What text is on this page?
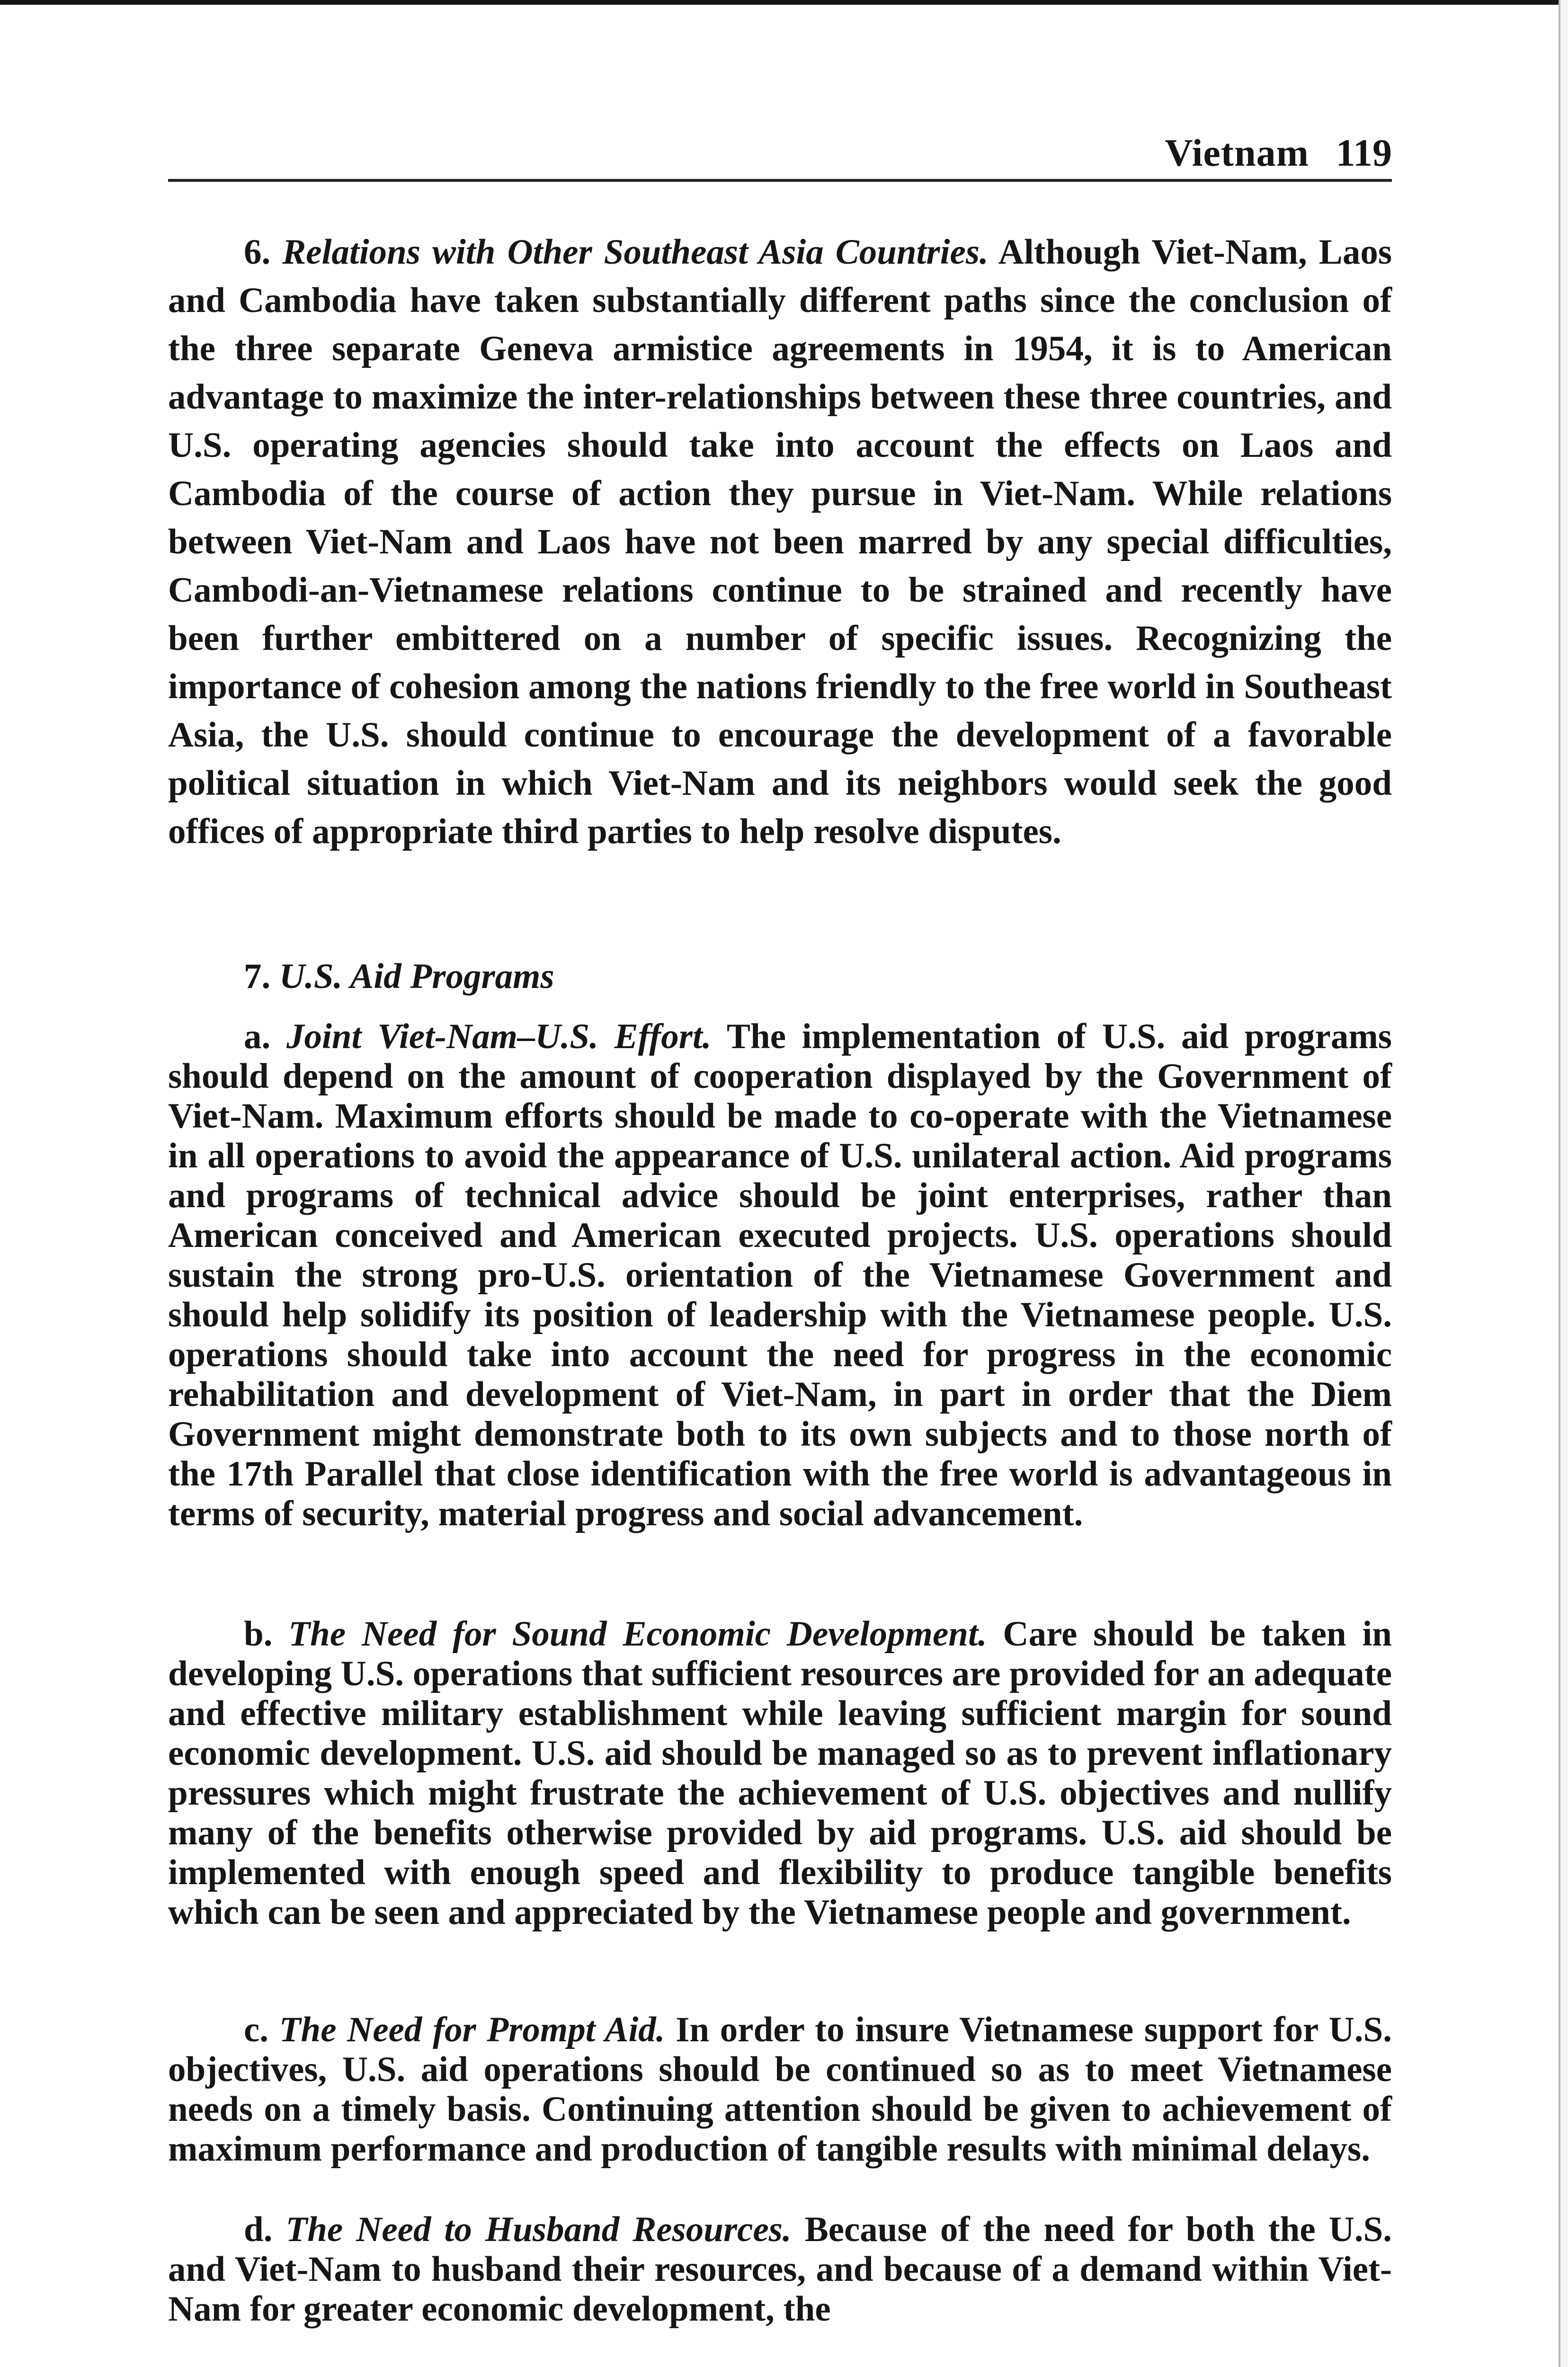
Vietnam 119

6. Relations with Other Southeast Asia Countries. Although Viet-Nam, Laos and Cambodia have taken substantially different paths since the conclusion of the three separate Geneva armistice agreements in 1954, it is to American advantage to maximize the inter-relationships between these three countries, and U.S. operating agencies should take into account the effects on Laos and Cambodia of the course of action they pursue in Viet-Nam. While relations between Viet-Nam and Laos have not been marred by any special difficulties, Cambodi-an-Vietnamese relations continue to be strained and recently have been further embittered on a number of specific issues. Recognizing the importance of cohesion among the nations friendly to the free world in Southeast Asia, the U.S. should continue to encourage the development of a favorable political situation in which Viet-Nam and its neighbors would seek the good offices of appropriate third parties to help resolve disputes.

7. U.S. Aid Programs

a. Joint Viet-Nam–U.S. Effort. The implementation of U.S. aid programs should depend on the amount of cooperation displayed by the Government of Viet-Nam. Maximum efforts should be made to co-operate with the Vietnamese in all operations to avoid the appearance of U.S. unilateral action. Aid programs and programs of technical advice should be joint enterprises, rather than American conceived and American executed projects. U.S. operations should sustain the strong pro-U.S. orientation of the Vietnamese Government and should help solidify its position of leadership with the Vietnamese people. U.S. operations should take into account the need for progress in the economic rehabilitation and development of Viet-Nam, in part in order that the Diem Government might demonstrate both to its own subjects and to those north of the 17th Parallel that close identification with the free world is advantageous in terms of security, material progress and social advancement.

b. The Need for Sound Economic Development. Care should be taken in developing U.S. operations that sufficient resources are provided for an adequate and effective military establishment while leaving sufficient margin for sound economic development. U.S. aid should be managed so as to prevent inflationary pressures which might frustrate the achievement of U.S. objectives and nullify many of the benefits otherwise provided by aid programs. U.S. aid should be implemented with enough speed and flexibility to produce tangible benefits which can be seen and appreciated by the Vietnamese people and government.

c. The Need for Prompt Aid. In order to insure Vietnamese support for U.S. objectives, U.S. aid operations should be continued so as to meet Vietnamese needs on a timely basis. Continuing attention should be given to achievement of maximum performance and production of tangible results with minimal delays.

d. The Need to Husband Resources. Because of the need for both the U.S. and Viet-Nam to husband their resources, and because of a demand within Viet-Nam for greater economic development, the
